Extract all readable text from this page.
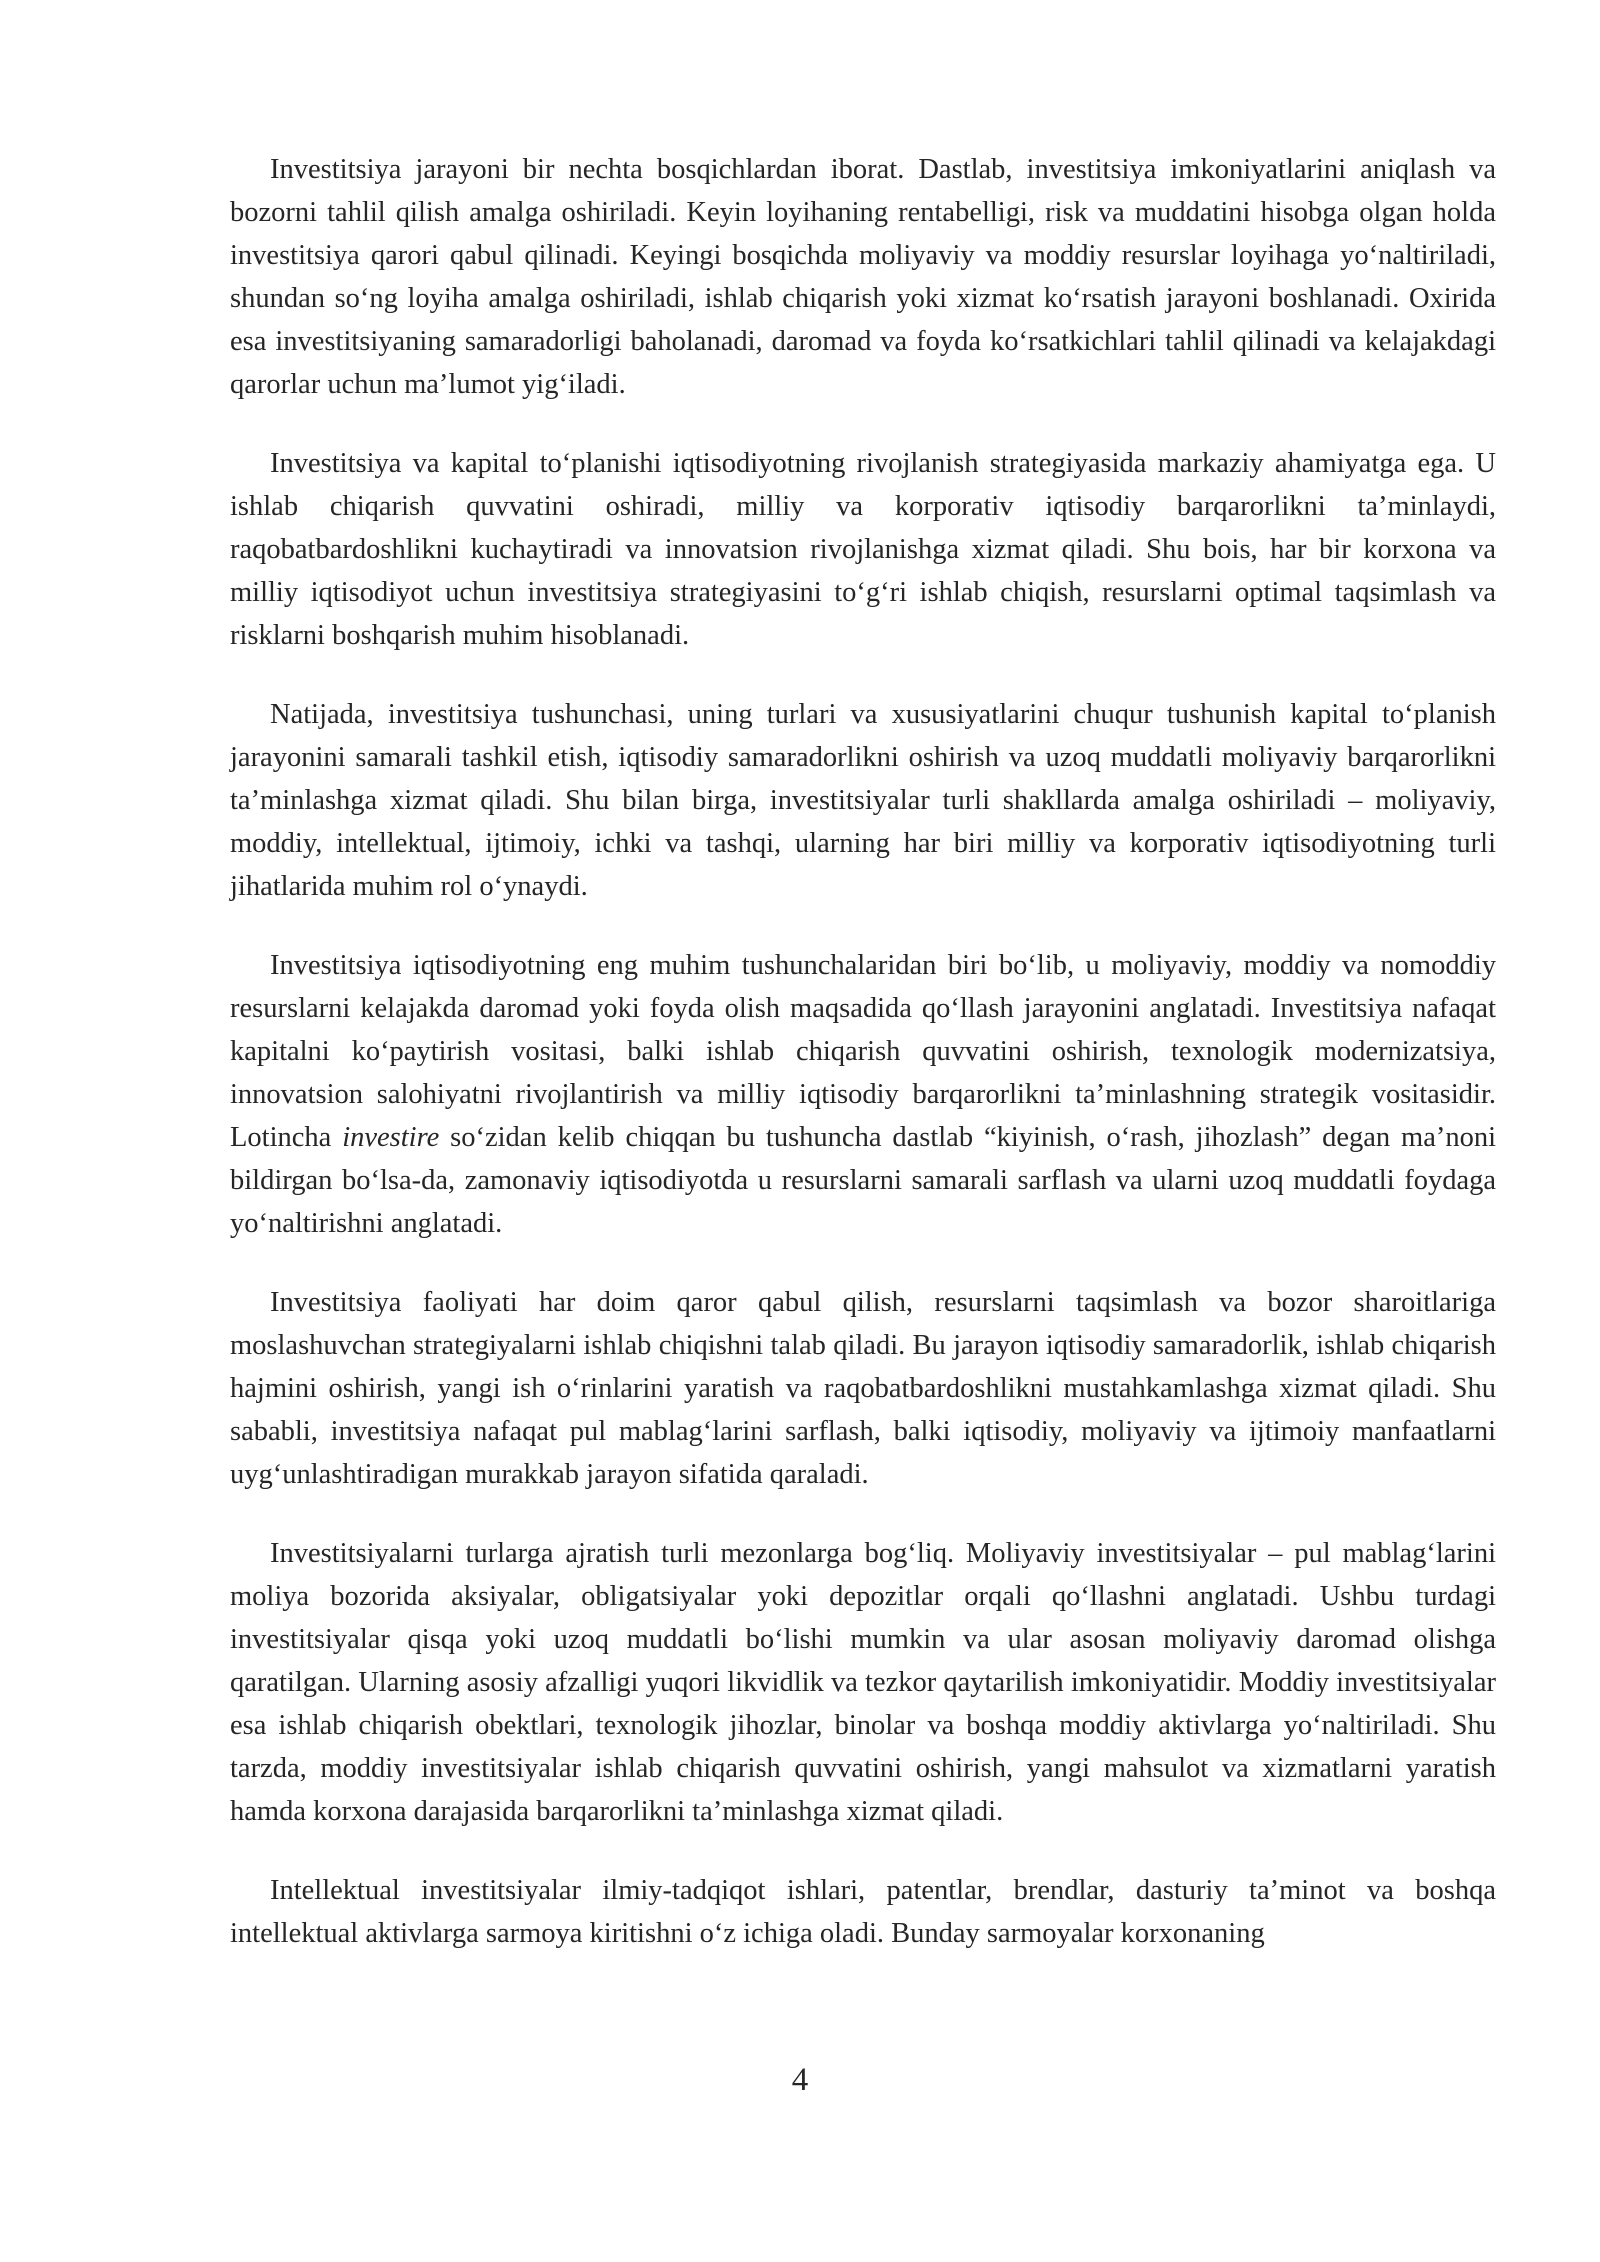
Investitsiya jarayoni bir nechta bosqichlardan iborat. Dastlab, investitsiya imkoniyatlarini aniqlash va bozorni tahlil qilish amalga oshiriladi. Keyin loyihaning rentabelligi, risk va muddatini hisobga olgan holda investitsiya qarori qabul qilinadi. Keyingi bosqichda moliyaviy va moddiy resurslar loyihaga yo‘naltiriladi, shundan so‘ng loyiha amalga oshiriladi, ishlab chiqarish yoki xizmat ko‘rsatish jarayoni boshlanadi. Oxirida esa investitsiyaning samaradorligi baholanadi, daromad va foyda ko‘rsatkichlari tahlil qilinadi va kelajakdagi qarorlar uchun ma’lumot yig‘iladi.

Investitsiya va kapital to‘planishi iqtisodiyotning rivojlanish strategiyasida markaziy ahamiyatga ega. U ishlab chiqarish quvvatini oshiradi, milliy va korporativ iqtisodiy barqarorlikni ta’minlaydi, raqobatbardoshlikni kuchaytiradi va innovatsion rivojlanishga xizmat qiladi. Shu bois, har bir korxona va milliy iqtisodiyot uchun investitsiya strategiyasini to‘g‘ri ishlab chiqish, resurslarni optimal taqsimlash va risklarni boshqarish muhim hisoblanadi.

Natijada, investitsiya tushunchasi, uning turlari va xususiyatlarini chuqur tushunish kapital to‘planish jarayonini samarali tashkil etish, iqtisodiy samaradorlikni oshirish va uzoq muddatli moliyaviy barqarorlikni ta’minlashga xizmat qiladi. Shu bilan birga, investitsiyalar turli shakllarda amalga oshiriladi – moliyaviy, moddiy, intellektual, ijtimoiy, ichki va tashqi, ularning har biri milliy va korporativ iqtisodiyotning turli jihatlarida muhim rol o‘ynaydi.

Investitsiya iqtisodiyotning eng muhim tushunchalaridan biri bo‘lib, u moliyaviy, moddiy va nomoddiy resurslarni kelajakda daromad yoki foyda olish maqsadida qo‘llash jarayonini anglatadi. Investitsiya nafaqat kapitalni ko‘paytirish vositasi, balki ishlab chiqarish quvvatini oshirish, texnologik modernizatsiya, innovatsion salohiyatni rivojlantirish va milliy iqtisodiy barqarorlikni ta’minlashning strategik vositasidir. Lotincha investire so‘zidan kelib chiqqan bu tushuncha dastlab “kiyinish, o‘rash, jihozlash” degan ma’noni bildirgan bo‘lsa-da, zamonaviy iqtisodiyotda u resurslarni samarali sarflash va ularni uzoq muddatli foydaga yo‘naltirishni anglatadi.

Investitsiya faoliyati har doim qaror qabul qilish, resurslarni taqsimlash va bozor sharoitlariga moslashuvchan strategiyalarni ishlab chiqishni talab qiladi. Bu jarayon iqtisodiy samaradorlik, ishlab chiqarish hajmini oshirish, yangi ish o‘rinlarini yaratish va raqobatbardoshlikni mustahkamlashga xizmat qiladi. Shu sababli, investitsiya nafaqat pul mablag‘larini sarflash, balki iqtisodiy, moliyaviy va ijtimoiy manfaatlarni uyg‘unlashtiradigan murakkab jarayon sifatida qaraladi.

Investitsiyalarni turlarga ajratish turli mezonlarga bog‘liq. Moliyaviy investitsiyalar – pul mablag‘larini moliya bozorida aksiyalar, obligatsiyalar yoki depozitlar orqali qo‘llashni anglatadi. Ushbu turdagi investitsiyalar qisqa yoki uzoq muddatli bo‘lishi mumkin va ular asosan moliyaviy daromad olishga qaratilgan. Ularning asosiy afzalligi yuqori likvidlik va tezkor qaytarilish imkoniyatidir. Moddiy investitsiyalar esa ishlab chiqarish obektlari, texnologik jihozlar, binolar va boshqa moddiy aktivlarga yo‘naltiriladi. Shu tarzda, moddiy investitsiyalar ishlab chiqarish quvvatini oshirish, yangi mahsulot va xizmatlarni yaratish hamda korxona darajasida barqarorlikni ta’minlashga xizmat qiladi.

Intellektual investitsiyalar ilmiy-tadqiqot ishlari, patentlar, brendlar, dasturiy ta’minot va boshqa intellektual aktivlarga sarmoya kiritishni o‘z ichiga oladi. Bunday sarmoyalar korxonaning

4
